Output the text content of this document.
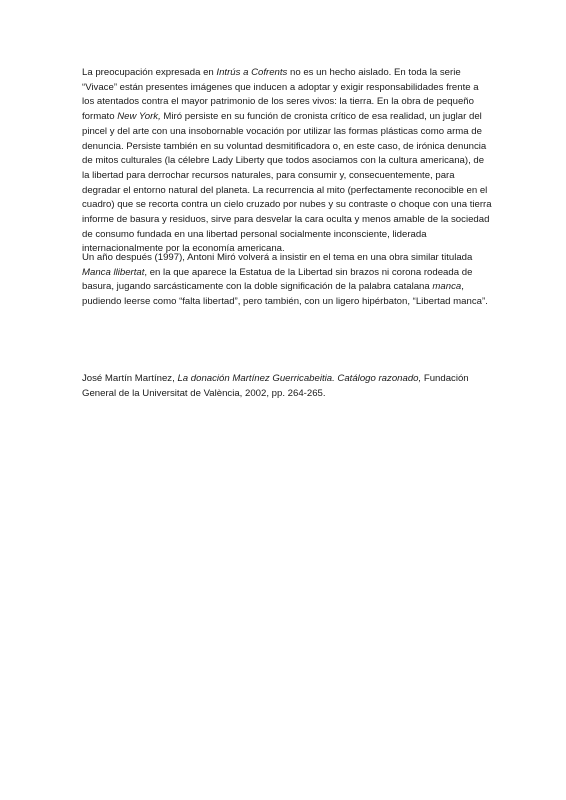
La preocupación expresada en Intrús a Cofrents no es un hecho aislado. En toda la serie “Vivace” están presentes imágenes que inducen a adoptar y exigir responsabilidades frente a los atentados contra el mayor patrimonio de los seres vivos: la tierra. En la obra de pequeño formato New York, Miró persiste en su función de cronista crítico de esa realidad, un juglar del pincel y del arte con una insobornable vocación por utilizar las formas plásticas como arma de denuncia. Persiste también en su voluntad desmitificadora o, en este caso, de irónica denuncia de mitos culturales (la célebre Lady Liberty que todos asociamos con la cultura americana), de la libertad para derrochar recursos naturales, para consumir y, consecuentemente, para degradar el entorno natural del planeta. La recurrencia al mito (perfectamente reconocible en el cuadro) que se recorta contra un cielo cruzado por nubes y su contraste o choque con una tierra informe de basura y residuos, sirve para desvelar la cara oculta y menos amable de la sociedad de consumo fundada en una libertad personal socialmente inconsciente, liderada internacionalmente por la economía americana.

Un año después (1997), Antoni Miró volverá a insistir en el tema en una obra similar titulada Manca llibertat, en la que aparece la Estatua de la Libertad sin brazos ni corona rodeada de basura, jugando sarcásticamente con la doble significación de la palabra catalana manca, pudiendo leerse como “falta libertad”, pero también, con un ligero hipérbaton, “Libertad manca”.

José Martín Martínez, La donación Martínez Guerricabeitia. Catálogo razonado, Fundación General de la Universitat de València, 2002, pp. 264-265.
